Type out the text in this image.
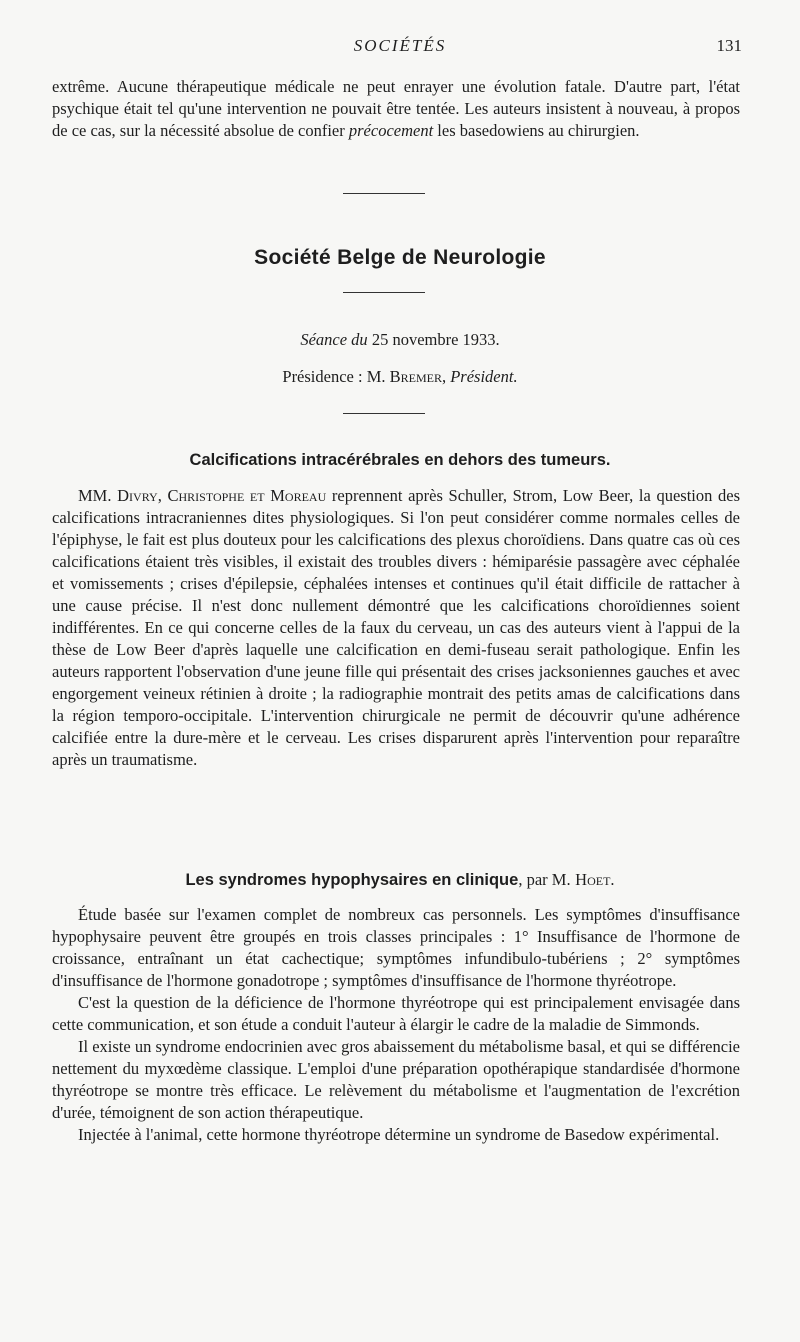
SOCIÉTÉS	131

extrême. Aucune thérapeutique médicale ne peut enrayer une évolution fatale. D'autre part, l'état psychique était tel qu'une intervention ne pouvait être tentée. Les auteurs insistent à nouveau, à propos de ce cas, sur la nécessité absolue de confier précocement les basedowiens au chirurgien.

Société Belge de Neurologie
Séance du 25 novembre 1933.
Présidence : M. Bremer, Président.
Calcifications intracérébrales en dehors des tumeurs.

MM. Divry, Christophe et Moreau reprennent après Schuller, Strom, Low Beer, la question des calcifications intracraniennes dites physiologiques. Si l'on peut considérer comme normales celles de l'épiphyse, le fait est plus douteux pour les calcifications des plexus choroïdiens. Dans quatre cas où ces calcifications étaient très visibles, il existait des troubles divers : hémiparésie passagère avec céphalée et vomissements ; crises d'épilepsie, céphalées intenses et continues qu'il était difficile de rattacher à une cause précise. Il n'est donc nullement démontré que les calcifications choroïdiennes soient indifférentes. En ce qui concerne celles de la faux du cerveau, un cas des auteurs vient à l'appui de la thèse de Low Beer d'après laquelle une calcification en demi-fuseau serait pathologique. Enfin les auteurs rapportent l'observation d'une jeune fille qui présentait des crises jacksoniennes gauches et avec engorgement veineux rétinien à droite ; la radiographie montrait des petits amas de calcifications dans la région temporo-occipitale. L'intervention chirurgicale ne permit de découvrir qu'une adhérence calcifiée entre la dure-mère et le cerveau. Les crises disparurent après l'intervention pour reparaître après un traumatisme.

Les syndromes hypophysaires en clinique, par M. Hoet.

Étude basée sur l'examen complet de nombreux cas personnels. Les symptômes d'insuffisance hypophysaire peuvent être groupés en trois classes principales : 1° Insuffisance de l'hormone de croissance, entraînant un état cachectique; symptômes infundibulo-tubériens ; 2° symptômes d'insuffisance de l'hormone gonadotrope ; symptômes d'insuffisance de l'hormone thyréotrope.

C'est la question de la déficience de l'hormone thyréotrope qui est principalement envisagée dans cette communication, et son étude a conduit l'auteur à élargir le cadre de la maladie de Simmonds.

Il existe un syndrome endocrinien avec gros abaissement du métabolisme basal, et qui se différencie nettement du myxœdème classique. L'emploi d'une préparation opothérapique standardisée d'hormone thyréotrope se montre très efficace. Le relèvement du métabolisme et l'augmentation de l'excrétion d'urée, témoignent de son action thérapeutique.

Injectée à l'animal, cette hormone thyréotrope détermine un syndrome de Basedow expérimental.
